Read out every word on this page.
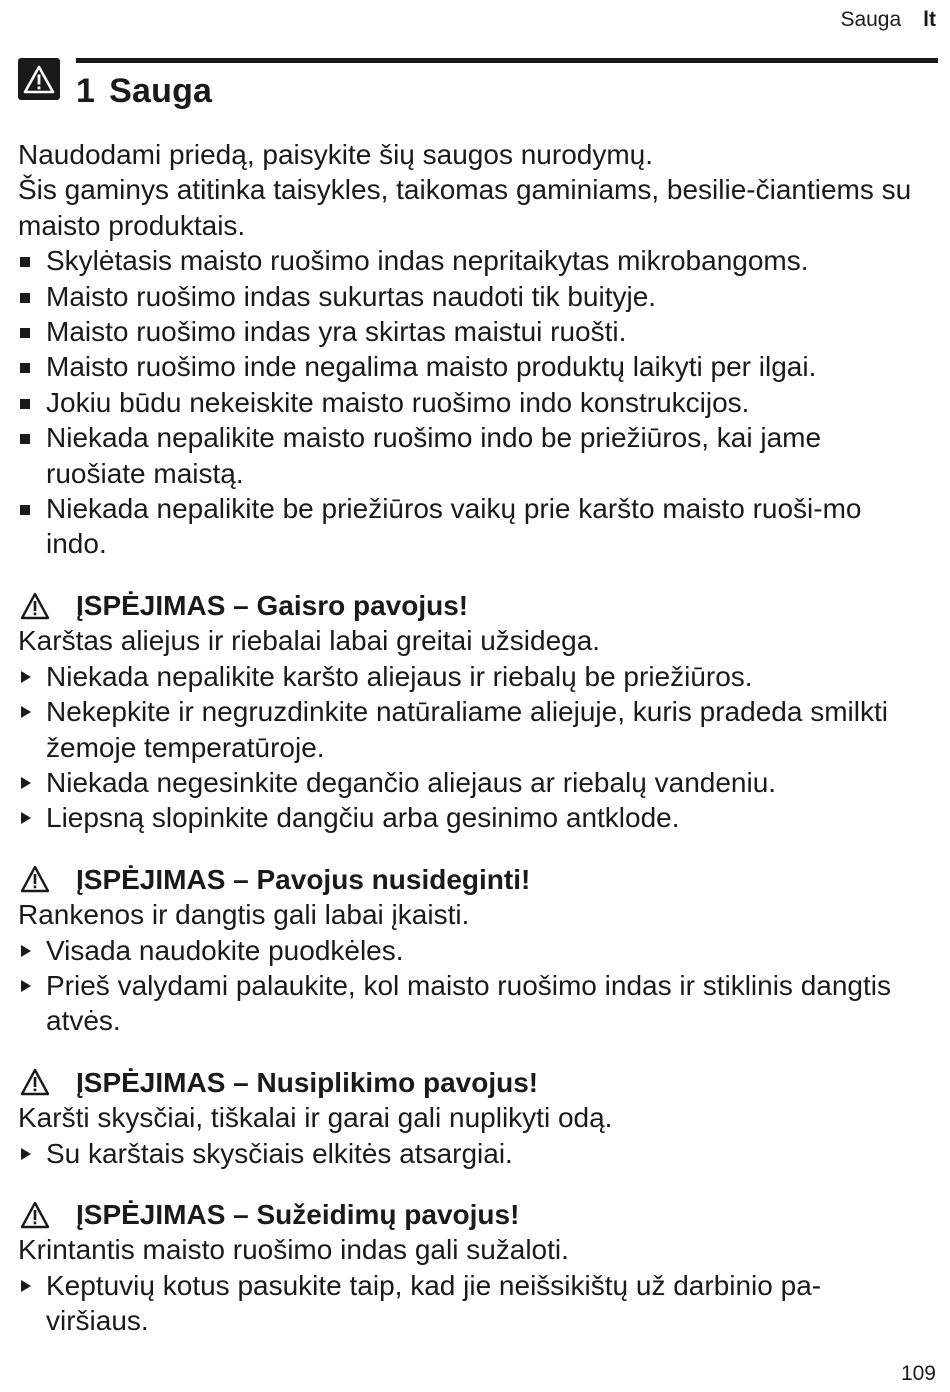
Sauga lt
1 Sauga

Naudodami priedą, paisykite šių saugos nurodymų.

Šis gaminys atitinka taisykles, taikomas gaminiams, besilie-čiantiems su maisto produktais.

Skylėtasis maisto ruošimo indas nepritaikytas mikrobangoms.
Maisto ruošimo indas sukurtas naudoti tik buityje.
Maisto ruošimo indas yra skirtas maistui ruošti.
Maisto ruošimo inde negalima maisto produktų laikyti per ilgai.
Jokiu būdu nekeiskite maisto ruošimo indo konstrukcijos.
Niekada nepalikite maisto ruošimo indo be priežiūros, kai jame ruošiate maistą.
Niekada nepalikite be priežiūros vaikų prie karšto maisto ruoši-mo indo.
ĮSPĖJIMAS – Gaisro pavojus!

Karštas aliejus ir riebalai labai greitai užsidega.

Niekada nepalikite karšto aliejaus ir riebalų be priežiūros.
Nekepkite ir negruzdinkite natūraliame aliejuje, kuris pradeda smilkti žemoje temperatūroje.
Niekada negesinkite degančio aliejaus ar riebalų vandeniu.
Liepsną slopinkite dangčiu arba gesinimo antklode.
ĮSPĖJIMAS – Pavojus nusideginti!

Rankenos ir dangtis gali labai įkaisti.

Visada naudokite puodkėles.
Prieš valydami palaukite, kol maisto ruošimo indas ir stiklinis dangtis atvės.
ĮSPĖJIMAS – Nusiplikimo pavojus!

Karšti skysčiai, tiškalai ir garai gali nuplikyti odą.

Su karštais skysčiais elkitės atsargiai.
ĮSPĖJIMAS – Sužeidimų pavojus!

Krintantis maisto ruošimo indas gali sužaloti.

Keptuvių kotus pasukite taip, kad jie neišsikištų už darbinio pa-viršiaus.
109
